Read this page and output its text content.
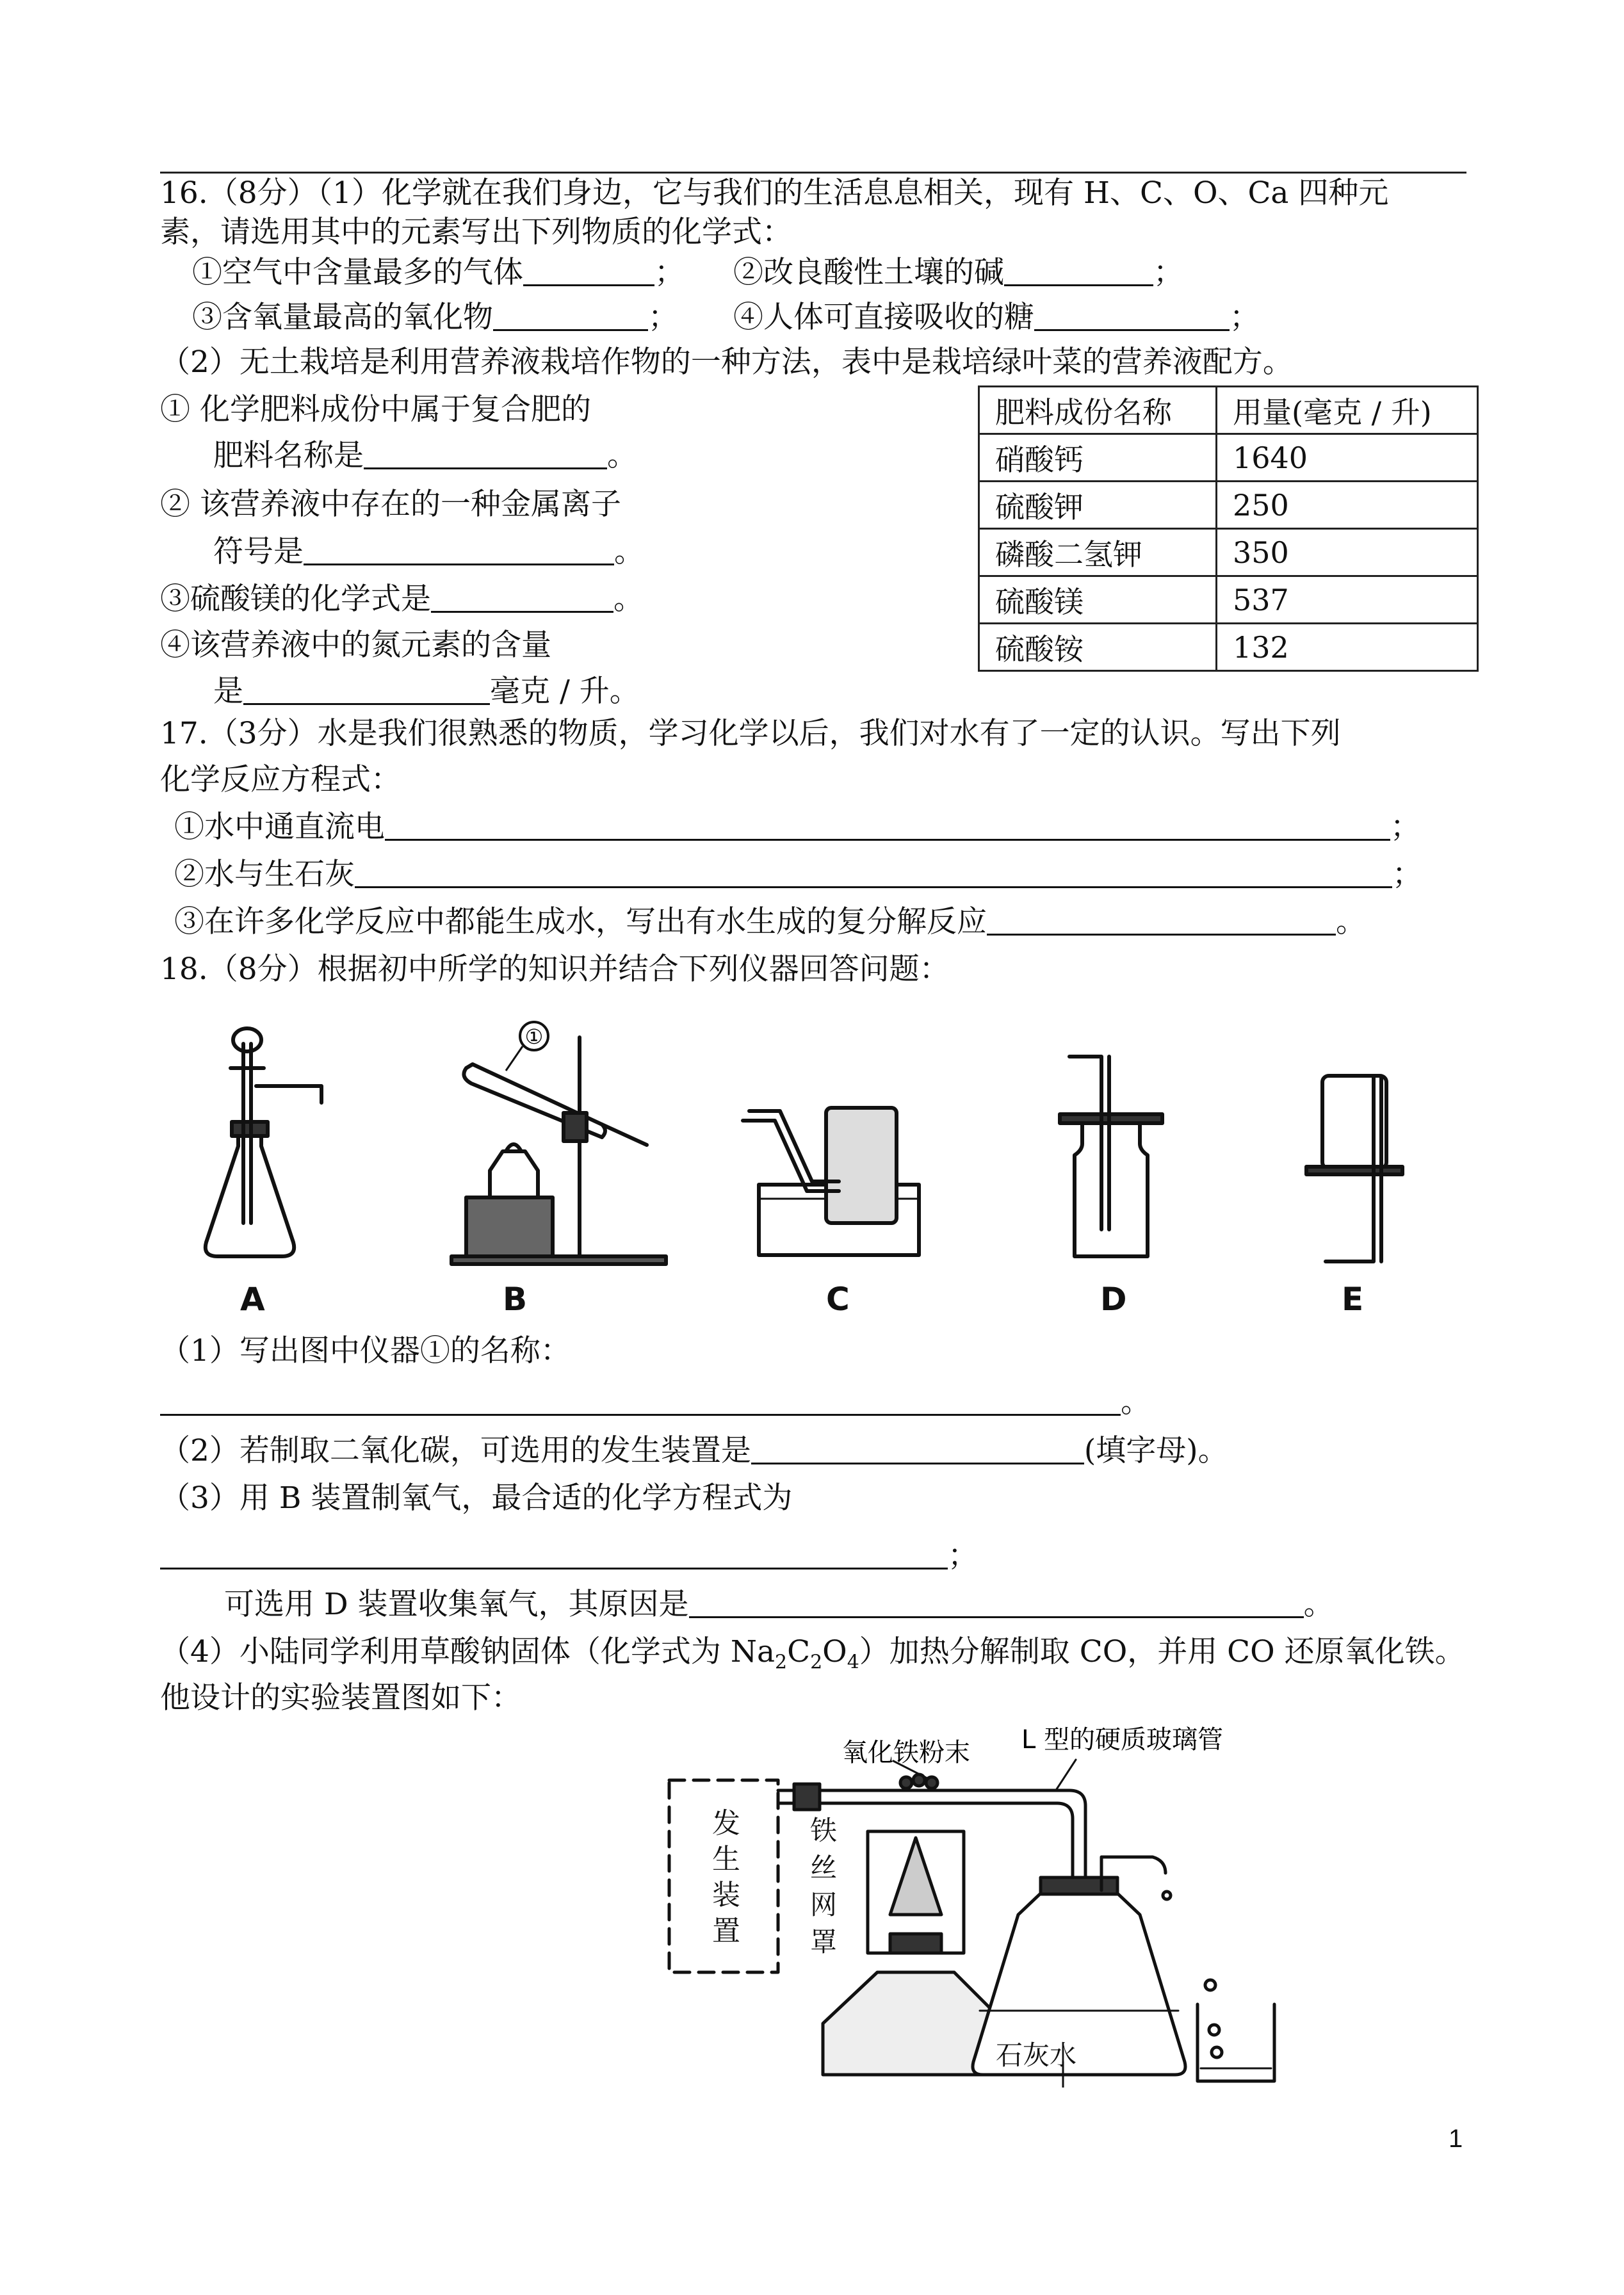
16.（8分）（1）化学就在我们身边，它与我们的生活息息相关，现有 H、C、O、Ca 四种元
素，请选用其中的元素写出下列物质的化学式：
①空气中含量最多的气体	； ②改良酸性土壤的碱	；
③含氧量最高的氧化物	； ④人体可直接吸收的糖	；
（2）无土栽培是利用营养液栽培作物的一种方法，表中是栽培绿叶菜的营养液配方。
① 化学肥料成份中属于复合肥的
肥料名称是	。
② 该营养液中存在的一种金属离子
符号是	。
③硫酸镁的化学式是	。
④该营养液中的氮元素的含量
是	毫克 / 升。
肥料成份名称	用量(毫克 / 升)
硝酸钙	1640
硫酸钾	250
磷酸二氢钾	350
硫酸镁	537
硫酸铵	132
17.（3分）水是我们很熟悉的物质，学习化学以后，我们对水有了一定的认识。写出下列
化学反应方程式：
①水中通直流电	；
②水与生石灰	；
③在许多化学反应中都能生成水，写出有水生成的复分解反应	。
18.（8分）根据初中所学的知识并结合下列仪器回答问题：
①
A	B	C	D	E
（1）写出图中仪器①的名称：
。
（2）若制取二氧化碳，可选用的发生装置是	(填字母)。
（3）用 B 装置制氧气，最合适的化学方程式为
；
可选用 D 装置收集氧气，其原因是	。
（4）小陆同学利用草酸钠固体（化学式为 $Na_2C_2O_4$）加热分解制取 CO，并用 CO 还原氧化铁。
他设计的实验装置图如下：
氧化铁粉末 L 型的硬质玻璃管
发生装置
铁丝网罩
石灰水
1
